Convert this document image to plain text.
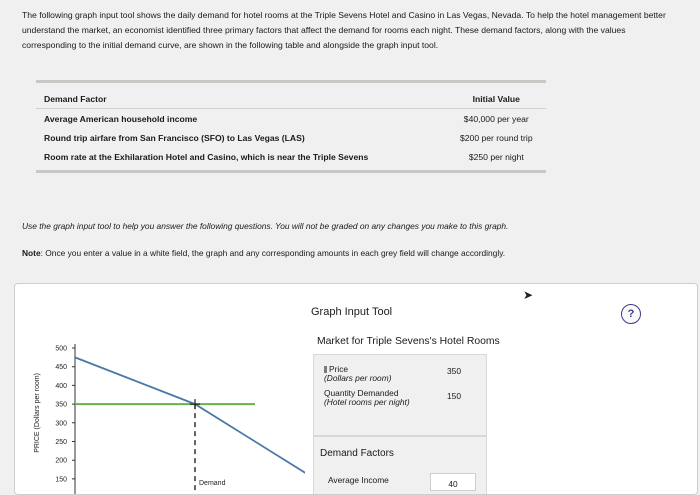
The following graph input tool shows the daily demand for hotel rooms at the Triple Sevens Hotel and Casino in Las Vegas, Nevada. To help the hotel management better understand the market, an economist identified three primary factors that affect the demand for rooms each night. These demand factors, along with the values corresponding to the initial demand curve, are shown in the following table and alongside the graph input tool.
Demand Factor	Initial Value
Average American household income	$40,000 per year
Round trip airfare from San Francisco (SFO) to Las Vegas (LAS)	$200 per round trip
Room rate at the Exhilaration Hotel and Casino, which is near the Triple Sevens	$250 per night
Use the graph input tool to help you answer the following questions. You will not be graded on any changes you make to this graph.
Note: Once you enter a value in a white field, the graph and any corresponding amounts in each grey field will change accordingly.
500
450
400
350
300
250
200
150
PRICE (Dollars per room)
Demand
➤
Graph Input Tool	?
Market for Triple Sevens's Hotel Rooms
Price
(Dollars per room)
350
Quantity Demanded
(Hotel rooms per night)
150
Demand Factors
Average Income	40
